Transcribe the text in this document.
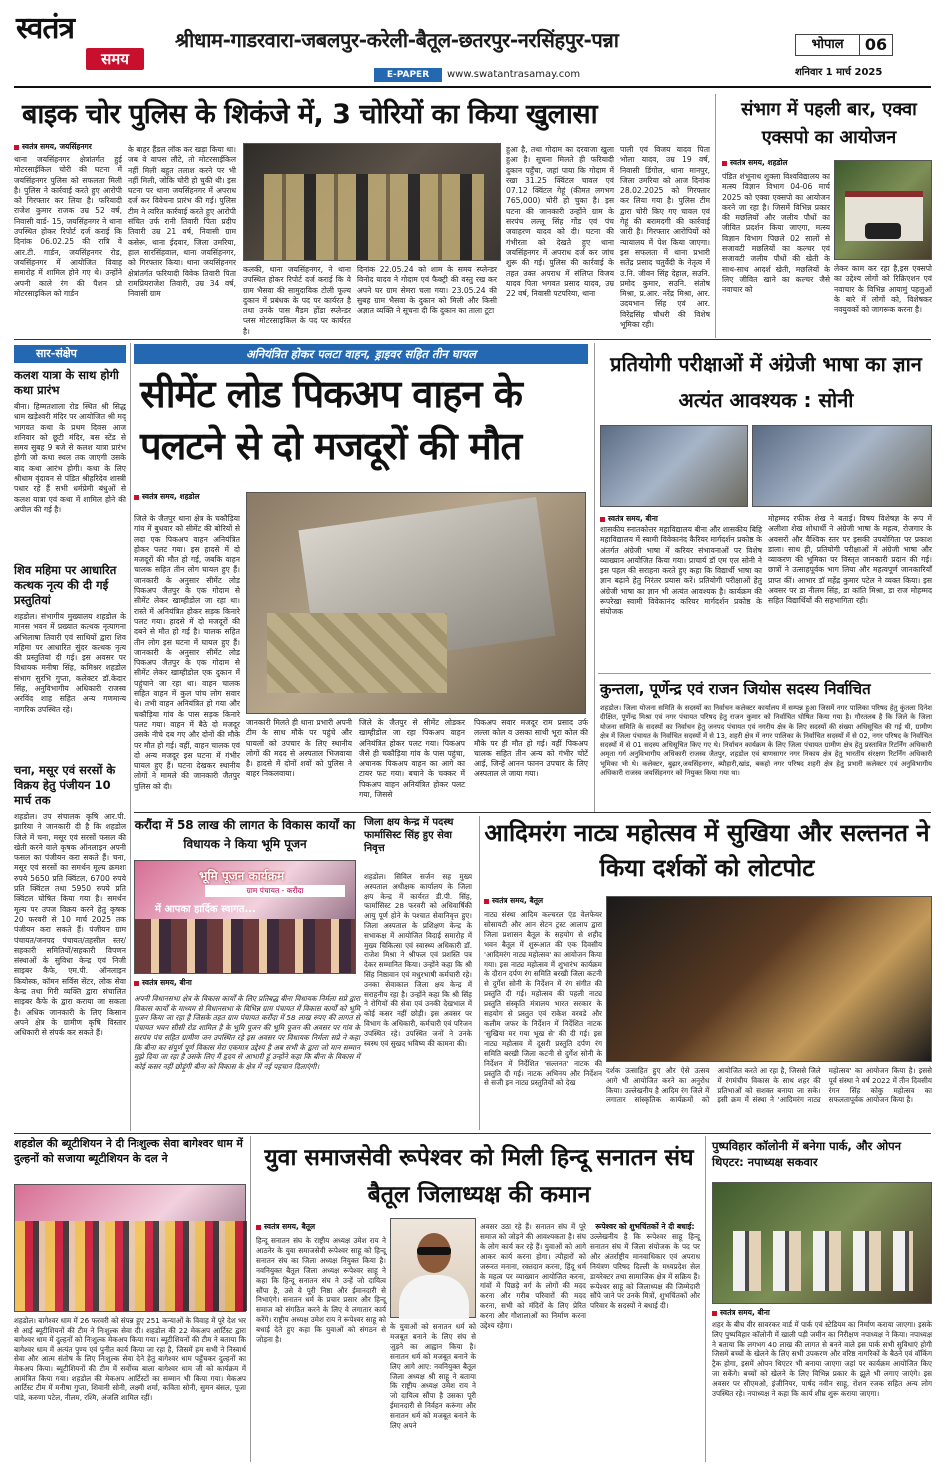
स्वतंत्र
समय
श्रीधाम-गाडरवारा-जबलपुर-करेली-बैतूल-छतरपुर-नरसिंहपुर-पन्ना
E-PAPER	www.swatantrasamay.com
भोपाल	06
शनिवार 1 मार्च 2025
बाइक चोर पुलिस के शिकंजे में, 3 चोरियों का किया खुलासा
स्वतंत्र समय, जयसिंहनगर
थाना जयसिंहनगर क्षेत्रांतर्गत हुई मोटरसाईकिल चोरी की घटना में जयसिंहनगर पुलिस को सफलता मिली है। पुलिस ने कार्रवाई करते हुए आरोपी को गिरफ्तार कर लिया है। फरियादी राजेश कुमार राजक उम्र 52 वर्ष, निवासी वार्ड- 15, जयसिंहनगर ने थाना उपस्थित होकर रिपोर्ट दर्ज कराई कि दिनांक 06.02.25 की रात्रि वे आर.टी. गार्डन, जयसिंहनगर रोड, जयसिंहनगर में आयोजित विवाह समारोह में शामिल होने गए थे। उन्होंने अपनी काले रंग की पैशन प्रो मोटरसाइकिल को गार्डन
के बाहर हैंडल लॉक कर खड़ा किया था। जब वे वापस लौटे, तो मोटरसाईकिल नहीं मिली बहुत तलाश करने पर भी नहीं मिली, जोकि चोरी हो चुकी थी। इस घटना पर थाना जयसिंहनगर में अपराध दर्ज कर विवेचना प्रारंभ की गई। पुलिस टीम ने त्वरित कार्रवाई करते हुए आरोपी संचित उर्फ रानी तिवारी पिता प्रदीप तिवारी उम्र 21 वर्ष, निवासी ग्राम कसेरू, थाना ईदवार, जिला उमरिया, हाल सारसिंहवाल, थाना जयसिंहनगर, को गिरफ्तार किया। थाना जयसिंहनगर क्षेत्रांतर्गत फरियादी विवेक तिवारी पिता रामप्रियराजेश तिवारी, उम्र 34 वर्ष, निवासी ग्राम
कलकी, थाना जयसिंहनगर, ने थाना उपस्थित होकर रिपोर्ट दर्ज कराई कि वे ग्राम भैसवा की सामुदायिक टोली फूल्य दुकान में प्रबंधक के पद पर कार्यरत है तथा उनके पास मैडम होंडा स्प्लेन्डर प्लस मोटरसाइकिल के पद पर कार्यरत है।
दिनांक 22.05.24 को शाम के समय स्प्लेन्डर विनोद यादव ने गोदाम एवं फैक्ट्री की वस्तु रख कर अपने घर ग्राम सेमरा चला गया। 23.05.24 की सुबह ग्राम भैसवा के दुकान को मिली और किसी अज्ञात व्यक्ति ने सूचना दी कि दुकान का ताला टूटा
हुआ है, तथा गोदाम का दरवाजा खुला हुआ है। सूचना मिलते ही फरियादी दुकान पहुँचा, जहां पाया कि गोदाम में रखा 31.25 क्विंटल चावल एवं 07.12 क्विंटल गेहूं (कीमत लगभग 765,000) चोरी हो चुका है। इस घटना की जानकारी उन्होंने ग्राम के सरपंच लल्लू सिंह गोंड एवं पंच जवाहरण यादव को दी। घटना की गंभीरता को देखते हुए थाना जयसिंहनगर में अपराध दर्ज कर जांच शुरू की गई। पुलिस की कार्रवाई के तहत उक्त अपराध में संलिप्त विजय यादव पिता भगवत प्रसाद यादव, उम्र 22 वर्ष, निवासी पटपरिया, थाना
पाली एवं विजय यादव पिता भोला यादव, उम्र 19 वर्ष, निवासी डिंगोल, थाना मानपुर, जिला उमरिया को आज दिनांक 28.02.2025 को गिरफ्तार कर लिया गया है। पुलिस टीम द्वारा चोरी किए गए चावल एवं गेहूं की बरामदगी की कार्रवाई जारी है। गिरफ्तार आरोपियों को न्यायालय में पेश किया जाएगा। इस सफलता में थाना प्रभारी सतेंद्र प्रसाद चतुर्वेदी के नेतृत्व में उ.नि. जीवन सिंह देहाल, सउनि. प्रमोद कुमार, सउनि. संतोष मिश्रा, प्र.आर. नरेंद्र मिश्रा, आर. उदयभान सिंह एवं आर. विरेंद्रसिंह चौधरी की विशेष भूमिका रही।
संभाग में पहली बार, एक्वा एक्सपो का आयोजन
स्वतंत्र समय, शहडोल
पंडित शंभूनाथ शुक्ला विश्वविद्यालय का मत्स्य विज्ञान विभाग 04-06 मार्च 2025 को एक्वा एक्सपो का आयोजन करने जा रहा है। जिसमें विभिन्न प्रकार की मछलियों और जलीय पौधों का जीवित प्रदर्शन किया जाएगा, मत्स्य विज्ञान विभाग पिछले 02 सालों से सजावटी मछलियों का कल्चर एवं सजावटी जलीय पौधों की खेती के साथ-साथ आदर्श खेती, मछलियों के लिए जीवित खाने का कल्चर जैसे नवाचार को
लेकर काम कर रहा है,इस एक्सपो का उद्देश्य लोगों को रिक्रिएशन एवं नवाचार के विभिन्न आयामुं पहलुओं के बारे में लोगों को, विशेषकर नवयुवकों को जागरूक करना है।
सार-संक्षेप
कलश यात्रा के साथ होगी कथा प्रारंभ
बीना। हिम्मतशाला रोड स्थित श्री सिद्ध धाम खड़ेश्वरी मंदिर पर आयोजित श्री मद् भागवत कथा के प्रथम दिवस आज शनिवार को छूटी मंदिर, बस स्टेंड से समय सुबह 9 बजे से कलश यात्रा प्रारंभ होगी जो कथा स्थल तक जाएगी उसके बाद कथा आरंभ होगी। कथा के लिए श्रीधाम वृंदावन से पंडित श्रीहरिदेव शास्त्री पधार रहे हैं सभी धर्मप्रेमी बंधुओं से कलश यात्रा एवं कथा में शामिल होने की अपील की गई है।
शिव महिमा पर आधारित कत्थक नृत्य की दी गई प्रस्तुतियां
शहडोल। संभागीय मुख्यालय शहडोल के मानस भवन में प्रख्यात कत्थक नृत्यागना अभिलाषा तिवारी एवं साथियों द्वारा शिव महिमा पर आधारित सुंदर कत्थक नृत्य की प्रस्तुतियां दी गई। इस अवसर पर विधायक मनीषा सिंह, कमिश्नर शहडोल संभाग सुरभि गुप्ता, कलेक्टर डॉ.केदार सिंह, अनुविभागीय अधिकारी राजस्व अरविंद शाह सहित अन्य गणमान्य नागरिक उपस्थित रहे।
चना, मसूर एवं सरसों के विक्रय हेतु पंजीयन 10 मार्च तक
शहडोल। उप संचालक कृषि आर.पी. झारिया ने जानकारी दी है कि शहडोल जिले में चना, मसूर एवं सरसों फसल की खेती करने वाले कृषक ऑनलाइन अपनी फसल का पंजीयन करा सकते हैं। चना, मसूर एवं सरसों का समर्थन मूल्य क्रमशः रुपये 5650 प्रति क्विंटल, 6700 रुपये प्रति क्विंटल तथा 5950 रुपये प्रति क्विंटल घोषित किया गया है। समर्थन मूल्य पर उपज विक्रय करने हेतु कृषक 20 फरवरी से 10 मार्च 2025 तक पंजीयन करा सकते हैं। पंजीयन ग्राम पंचायत/जनपद पंचायत/तहसील स्तर/सहकारी समितियों/सहकारी विपणन संस्थाओं के सुविधा केन्द्र एवं निजी साइबर कैफे, एम.पी. ऑनलाइन कियोस्क, कॉमन सर्विस सेंटर, लोक सेवा केन्द्र तथा गिरी व्यक्ति द्वारा संचालित साइबर कैफे के द्वारा कराया जा सकता है। अधिक जानकारी के लिए किसान अपने क्षेत्र के ग्रामीण कृषि विस्तार अधिकारी से संपर्क कर सकते हैं।
अनियंत्रित होकर पलटा वाहन, ड्राइवर सहित तीन घायल
सीमेंट लोड पिकअप वाहन के पलटने से दो मजदूरों की मौत
स्वतंत्र समय, शहडोल
जिले के जैतपुर थाना क्षेत्र के चकौड़िया गांव में बुधवार को सीमेंट की बोरियों से लदा एक पिकअप वाहन अनियंत्रित होकर पलट गया। इस हादसे में दो मजदूरों की मौत हो गई, जबकि वाहन चालक सहित तीन लोग घायल हुए हैं। जानकारी के अनुसार सीमेंट लोड पिकअप जैतपुर के एक गोदाम से सीमेंट लेकर खाम्हीडोल जा रहा था। रास्ते में अनियंत्रित होकर सड़क किनारे पलट गया। हादसे में दो मजदूरों की दबने से मौत हो गई है। चालक सहित तीन लोग इस घटना में घायल हुए हैं। जानकारी के अनुसार सीमेंट लोड पिकअप जैतपुर के एक गोदाम से सीमेंट लेकर खाम्हीडोल एक दुकान में पहुंचाने जा रहा था। वाहन चालक सहित वाहन में कुल पांच लोग सवार थे। तभी वाहन अनियंत्रित हो गया और चकौड़िया गांव के पास सड़क किनारे पलट गया। वाहन में बैठे दो मजदूर उसके नीचे दब गए और दोनों की मौके पर मौत हो गई। वहीं, वाहन चालक एवं दो अन्य मजदूर इस घटना में गंभीर घायल हुए हैं। घटना देखकर स्थानीय लोगों ने मामले की जानकारी जैतपुर पुलिस को दी।
जानकारी मिलते ही थाना प्रभारी अपनी टीम के साथ मौके पर पहुंचे और घायलों को उपचार के लिए स्थानीय लोगों की मदद से अस्पताल भिजवाया है। हादसे में दोनों शवों को पुलिस ने बाहर निकलवाया।
जिले के जैतपुर से सीमेंट लोडकर खाम्हीडोल जा रहा पिकअप वाहन अनियंत्रित होकर पलट गया। पिकअप जैसे ही चकौड़िया गांव के पास पहुंचा, अचानक पिकअप वाहन का आगे का टायर फट गया। बचाने के चक्कर में पिकअप वाहन अनियंत्रित होकर पलट गया, जिससे
पिकअप सवार मजदूर राम प्रसाद उर्फ लल्ला कोल व उसका साथी भूरा कोल की मौके पर ही मौत हो गई। वहीं पिकअप चालक सहित तीन अन्य को गंभीर चोटें आई, जिन्हें आनन फानन उपचार के लिए अस्पताल ले जाया गया।
प्रतियोगी परीक्षाओं में अंग्रेजी भाषा का ज्ञान अत्यंत आवश्यक : सोनी
स्वतंत्र समय, बीना
शासकीय स्नातकोत्तर महाविद्यालय बीना और शासकीय बिहि महाविद्यालय में स्वामी विवेकानंद कैरियर मार्गदर्शन प्रकोष्ठ के अंतर्गत अंग्रेजी भाषा में करियर संभावनाओं पर विशेष व्याख्यान आयोजित किया गया। प्राचार्य डॉ एम एल सोनी ने इस पहल की सराहना करते हुए कहा कि विद्यार्थी भाषा का ज्ञान बढ़ाने हेतु निरंतर प्रयास करें। प्रतियोगी परीक्षाओं हेतु अंग्रेजी भाषा का ज्ञान भी अत्यंत आवश्यक है। कार्यक्रम की रूपरेखा स्वामी विवेकानंद करियर मार्गदर्शन प्रकोष्ठ के संयोजक
मोहम्मद रफीक शेख ने बताई। विषय विशेषज्ञ के रूप में अलीशा शेख शोधार्थी ने अंग्रेजी भाषा के महत्व, रोजगार के अवसरों और वैश्विक स्तर पर इसकी उपयोगिता पर प्रकाश डाला। साथ ही, प्रतियोगी परीक्षाओं में अंग्रेजी भाषा और व्याकरण की भूमिका पर विस्तृत जानकारी प्रदान की गई। छात्रों ने उत्साहपूर्वक भाग लिया और महत्वपूर्ण जानकारियाँ प्राप्त कीं। आभार डॉ महेंद्र कुमार पटेल ने व्यक्त किया। इस अवसर पर डा नीलम सिंह, डा कांति मिश्रा, डा राज मोहम्मद सहित विद्यार्थियों की सहभागिता रही।
कुन्तला, पूर्णेन्द्र एवं राजन जियोस सदस्य निर्वाचित
शहडोल। जिला योजना समिति के सदस्यों का निर्वाचन कलेक्टर कार्यालय में सम्पन्न हुआ जिसमें नगर पालिका परिषद हेतु कुंतला दिनेश दीक्षित, पूर्णेन्द्र मिश्रा एवं नगर पंचायत परिषद हेतु राजन कुमार को निर्वाचित घोषित किया गया है। गौरतलब है कि जिले के जिला योजना समिति के सदस्यों का निर्वाचन हेतु जनपद पंचायत एवं नगरीय क्षेत्र के लिए सदस्यों की संख्या अधिसूचित की गई थी, ग्रामीण क्षेत्र में जिला पंचायत के निर्वाचित सदस्यों में से 13, शहरी क्षेत्र में नगर पालिका के निर्वाचित सदस्यों में से 02, नगर परिषद के निर्वाचित सदस्यों में से 01 सदस्य अधिसूचित किए गए थे। निर्वाचन कार्यक्रम के लिए जिला पंचायत ग्रामीण क्षेत्र हेतु प्रस्तावित रिटर्निंग अधिकारी अमृता गर्ग अनुविभागीय अधिकारी राजस्व जैतपुर, शहडोल एवं बाणसागर नगर निकाय क्षेत्र हेतु भारतीय संरक्षण रिटर्निंग अधिकारी भूमिका भी थे। कलेक्टर, बुढ़ार,जयसिंहनगर, ब्यौहारी,खांड, बकहो नगर परिषद शहरी क्षेत्र हेतु प्रभारी कलेक्टर एवं अनुविभागीय अधिकारी राजस्व जयसिंहनगर को नियुक्त किया गया था।
करौंदा में 58 लाख की लागत के विकास कार्यों का विधायक ने किया भूमि पूजन
भूमि पूजन कार्यक्रम
ग्राम पंचायत - करौंदा
में आपका हार्दिक स्वागत...
स्वतंत्र समय, बीना
अपनी विधानसभा क्षेत्र के विकास कार्यों के लिए प्रतिबद्ध बीना विधायक निर्मला सप्रे द्वारा विकास कार्यों के माध्यम से विधानसभा के विभिन्न ग्राम पंचायत में विकास कार्यों को भूमि पूजन किया जा रहा है जिसके तहत ग्राम पंचायत करौंदा में 58 लाख रुपए की लागत से पंचायत भवन सीसी रोड शामिल है के भूमि पूजन की भूमि पूजन की अवसर पर गांव के सरपंच पंच सहित ग्रामीण जन उपस्थित रहे इस अवसर पर विधायक निर्मला सप्रे ने कहा कि बीना का संपूर्ण पूर्ण विकास मेरा एकमात्र उद्देश्य है अब सभी के द्वारा जो मान सम्मान मुझे दिया जा रहा है उसके लिए मैं हृदय से आभारी हूं उन्होंने कहा कि बीना के विकास में कोई कसर नहीं छोड़ूंगी बीना को विकास के क्षेत्र में नई पहचान दिलाएंगी।
जिला क्षय केन्द्र में पदस्थ फार्मासिस्ट सिंह हुए सेवा निवृत्त
शहडोल। सिविल सर्जन सह मुख्य अस्पताल अधीक्षक कार्यालय के जिला क्षय केन्द्र में कार्यरत डी.पी. सिंह, फार्मासिस्ट 28 फरवरी को अधिवार्षिकी आयु पूर्ण होने के पश्चात सेवानिवृत्त हुए। जिला अस्पताल के प्रशिक्षण केन्द्र के सभाकक्ष में आयोजित विदाई समारोह में मुख्य चिकित्सा एवं स्वास्थ्य अधिकारी डॉ. राजेश मिश्रा ने श्रीफल एवं प्रशस्ति पत्र देकर सम्मानित किया। उन्होंने कहा कि श्री सिंह निष्ठावान एवं मधुरभाषी कर्मचारी रहे। उनका सेवाकाल जिला क्षय केन्द्र में सराहनीय रहा है। उन्होंने कहा कि श्री सिंह ने रोगियों की सेवा एवं उनकी देखभाल में कोई कसर नहीं छोड़ी। इस अवसर पर विभाग के अधिकारी, कर्मचारी एवं परिजन उपस्थित रहे। उपस्थित जनों ने उनके स्वस्थ एवं सुखद भविष्य की कामना की।
आदिमरंग नाट्य महोत्सव में सुखिया और सल्तनत ने किया दर्शकों को लोटपोट
स्वतंत्र समय, बैतूल
नाट्य संस्था आदिम कल्चरल एंड वेलफेयर सोसायटी और आन सेटन ट्रस्ट आलाप द्वारा जिला प्रशासन बैतूल के सहयोग से शहीद भवन बैतूल में शुरूआत की एक दिवसीय 'आदिमरंग नाट्य महोत्सव' का आयोजन किया गया। इस नाट्य महोत्सव में शुभारंभ कार्यक्रम के दौरान दर्पण रंग समिति बरखी जिला कटनी से दुर्गेश सोनी के निर्देशन में रंग संगीत की प्रस्तुति दी गई। महोत्सव की पहली नाट्य प्रस्तुति संस्कृति मंत्रालय भारत सरकार के सहयोग से प्रस्तुत एवं राकेश वरवडे और कलीम जफर के निर्देशन में निर्देशित नाटक 'सुखिया मर गया भूख से' की दी गई। इस नाट्य महोत्सव में दूसरी प्रस्तुति दर्पण रंग समिति बरखी जिला कटनी से दुर्गेश सोनी के निर्देशन में निर्देशित 'सल्तनत' नाटक की प्रस्तुति दी गई। नाटक अभिनय और निर्देशन से सजी इन नाट्य प्रस्तुतियों को देख
दर्शक उत्साहित हुए और ऐसे उत्सव आगे भी आयोजित करने का अनुरोध किया। उल्लेखनीय है आदिम रंग जिले में लगातार सांस्कृतिक कार्यक्रमों को आयोजित करते आ रहा है, जिससे जिले में रंगमंचीय विकास के साथ शहर की प्रतिभाओं को सशक्त बनाया जा सके। इसी क्रम में संस्था ने 'आदिमरंग नाट्य महोत्सव' का आयोजन किया है। इससे पूर्व संस्था ने वर्ष 2022 में तीन दिवसीय रंगन सिंह कोकु महोत्सव का सफलतापूर्वक आयोजन किया है।
शहडोल की ब्यूटीशियन ने दी निःशुल्क सेवा बागेश्वर धाम में दुल्हनों को सजाया ब्यूटीशियन के दल ने
शहडोल। बागेश्वर धाम में 26 फरवरी को संपन्न हुए 251 कन्याओं के विवाह में पूरे देश भर से आई ब्यूटीशियनों की टीम ने निःशुल्क सेवा दी। शहडोल की 22 मेकअप आर्टिस्ट द्वारा बागेश्वर धाम में दुल्हनों को निःशुल्क मेकअप किया गया। ब्यूटीशियनों की टीम ने बताया कि बागेश्वर धाम में अत्यंत पुण्य एवं पुनीत कार्य किया जा रहा है, जिसमें हम सभी ने निस्वार्थ सेवा और आत्म संतोष के लिए निःशुल्क सेवा देने हेतु बागेश्वर धाम पहुँचकर दुल्हनों का मेकअप किया। ब्यूटीशियनों की टीम में सर्वोच्च बाला बागेश्वर धाम जी को कार्यक्रम में आमंत्रित किया गया। शहडोल की मेकअप आर्टिस्टों का सम्मान भी किया गया। मेकअप आर्टिस्ट टीम में मनीषा गुप्ता, शिवानी सोनी, लक्ष्मी शर्मा, कविता सोनी, सुमन बंसल, पूजा पांडे, करुणा पटेल, नीलम, रश्मि, अंजलि शामिल रहीं।
युवा समाजसेवी रूपेश्वर को मिली हिन्दू सनातन संघ बैतूल जिलाध्यक्ष की कमान
स्वतंत्र समय, बैतूल
हिन्दू सनातन संघ के राष्ट्रीय अध्यक्ष उमेश राय ने आठनेर के युवा समाजसेवी रूपेश्वर साहू को हिन्दू सनातन संघ का जिला अध्यक्ष नियुक्त किया है। नवनियुक्त बैतूल जिला अध्यक्ष रूपेश्वर साहू ने कहा कि हिन्दू सनातन संघ ने उन्हें जो दायित्व सौंपा है, उसे वे पूरी निष्ठा और ईमानदारी से निभाएंगे। सनातन धर्म के प्रचार प्रसार और हिन्दू समाज को संगठित करने के लिए वे लगातार कार्य करेंगे। राष्ट्रीय अध्यक्ष उमेश राय ने रूपेश्वर साहू को बधाई देते हुए कहा कि युवाओं को संगठन से जोड़ना है।
के युवाओं को सनातन धर्म को मजबूत बनाने के लिए संघ से जुड़ने का आह्वान किया है। सनातन धर्म को मजबूत बनाने के लिए आगे आए: नवनियुक्त बैतूल जिला अध्यक्ष श्री साहू ने बताया कि राष्ट्रीय अध्यक्ष उमेश राय ने जो दायित्व सौंपा है उसका पूरी ईमानदारी से निर्वहन करूंगा और सनातन धर्म को मजबूत बनाने के लिए अपने
अवसर उठा रहे हैं। सनातन संघ में पूरे समाज को जोड़ने की आवश्यकता है। संघ के लोग कार्य कर रहे हैं। युवाओं को आगे आकर कार्य करना होगा। त्यौहारों को जरूरत मनाना, रक्तदान करना, हिंदू धर्म के महत्व पर व्याख्यान आयोजित करना, गांवों में पिछड़े वर्ग के लोगों की मदद करना और गरीब परिवारों की मदद करना, सभी को मंदिरों के लिए प्रेरित करना और गौशालाओं का निर्माण करना उद्देश्य रहेगा।
रूपेश्वर को शुभचिंतकों ने दी बधाई:
उल्लेखनीय है कि रूपेश्वर साहू हिन्दू सनातन संघ में जिला संयोजक के पद पर और अंतर्राष्ट्रीय मानवाधिकार एवं अपराध नियंत्रण परिषद दिल्ली के मध्यप्रदेश सेल डायरेक्टर तथा सामाजिक क्षेत्र में सक्रिय हैं। रूपेश्वर साहू को जिलाध्यक्ष की जिम्मेदारी सौंपे जाने पर उनके मित्रों, शुभचिंतकों और परिवार के सदस्यों ने बधाई दी।
पुष्पविहार कॉलोनी में बनेगा पार्क, और ओपन थिएटर: नपाध्यक्ष सकवार
स्वतंत्र समय, बीना
शहर के बीच वीर सावरकर वार्ड में पार्क एवं स्टेडियम का निर्माण कराया जाएगा। इसके लिए पुष्पविहार कॉलोनी में खाली पड़ी जमीन का निरीक्षण नपाध्यक्ष ने किया। नपाध्यक्ष ने बताया कि लगभग 40 लाख की लागत से बनने वाले इस पार्क सभी सुविधाएं होगी जिसमें बच्चों के खेलने के लिए सभी उपकरण और वरिष्ठ नागरिकों के बैठने एवं वॉकिंग ट्रैक होगा, इसमें ओपन थिएटर भी बनाया जाएगा जहां पर कार्यक्रम आयोजित किए जा सकेंगे। बच्चों को खेलने के लिए विभिन्न प्रकार के झूले भी लगाए जाएंगे। इस अवसर पर सीएमओ, इंजीनियर, पार्षद नवीन साहू, रोशन रजक सहित अन्य लोग उपस्थित रहे। नपाध्यक्ष ने कहा कि कार्य शीघ्र शुरू कराया जाएगा।
